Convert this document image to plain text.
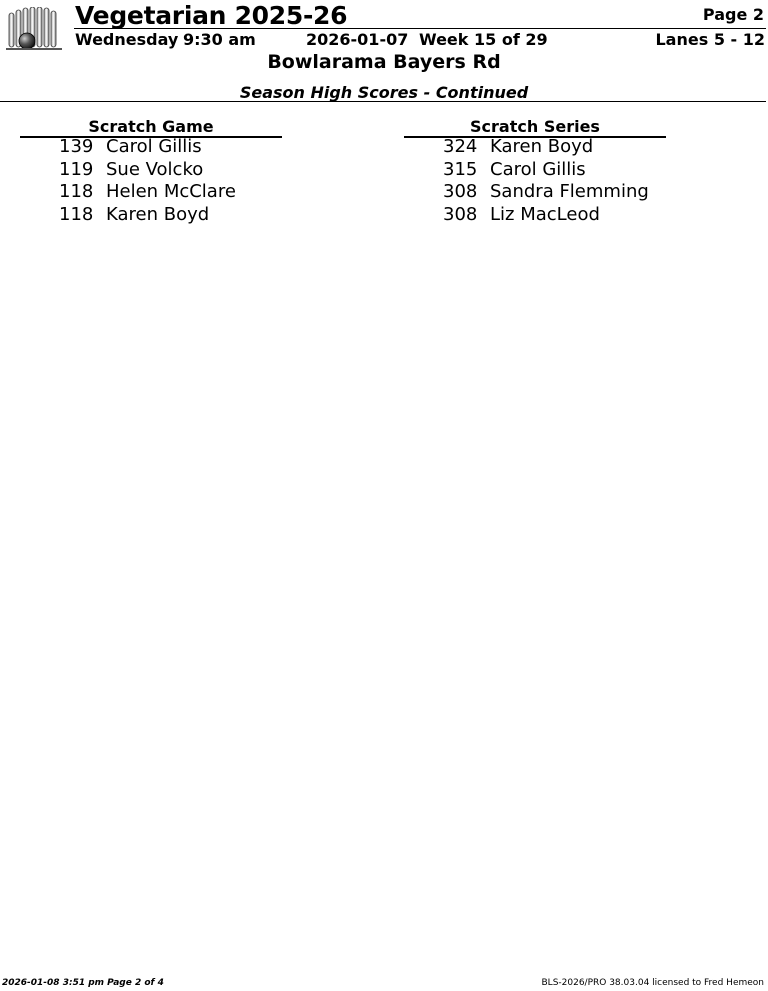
Vegetarian 2025-26	Page 2
Wednesday 9:30 am	2026-01-07 Week 15 of 29	Lanes 5 - 12
Bowlarama Bayers Rd
Season High Scores - Continued
Scratch Game
139 Carol Gillis
119 Sue Volcko
118 Helen McClare
118 Karen Boyd
Scratch Series
324 Karen Boyd
315 Carol Gillis
308 Sandra Flemming
308 Liz MacLeod
2026-01-08 3:51 pm Page 2 of 4	BLS-2026/PRO 38.03.04 licensed to Fred Hemeon
